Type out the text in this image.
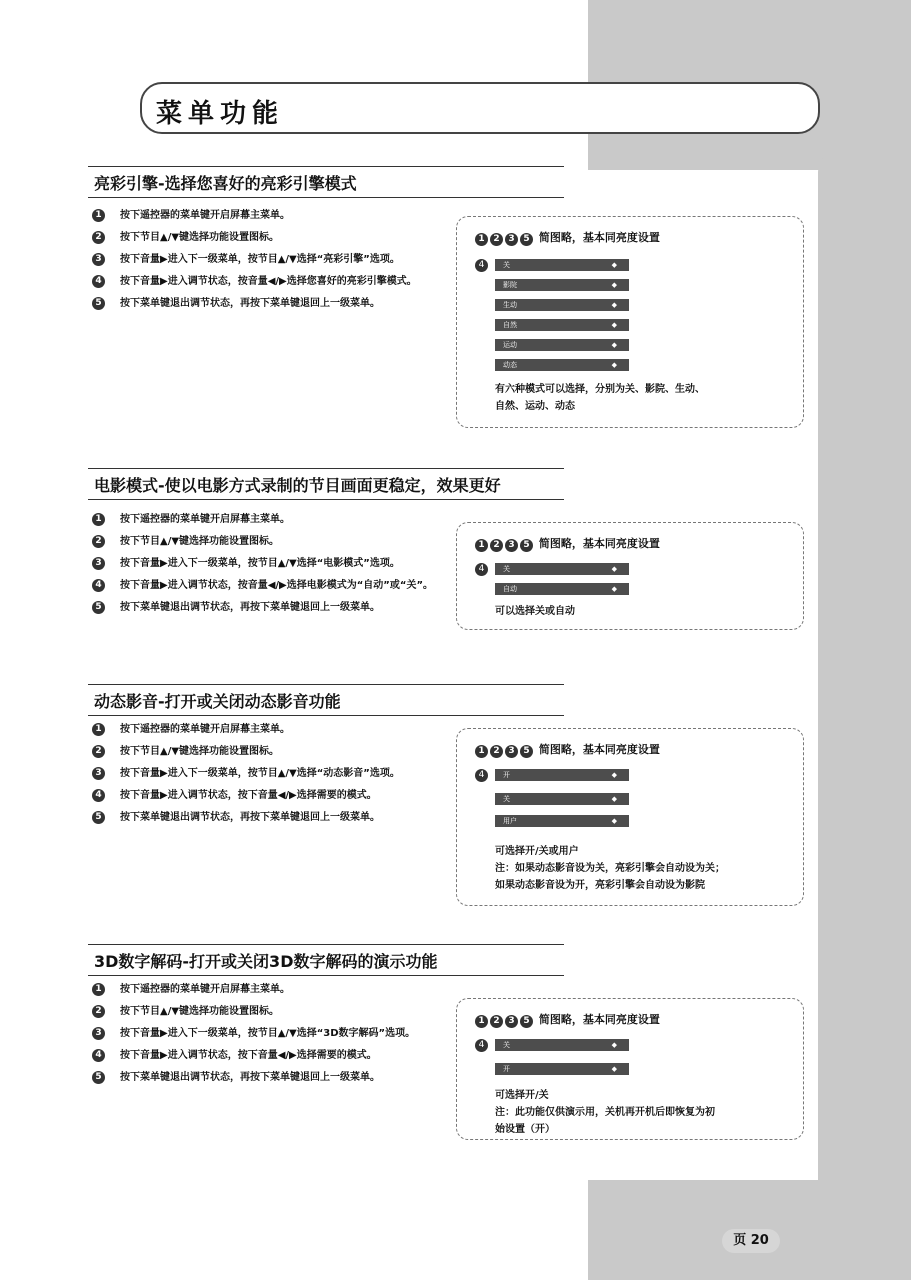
菜单功能
亮彩引擎-选择您喜好的亮彩引擎模式
1	按下遥控器的菜单键开启屏幕主菜单。
2	按下节目▲/▼键选择功能设置图标。
3	按下音量▶进入下一级菜单，按节目▲/▼选择“亮彩引擎”选项。
4	按下音量▶进入调节状态，按音量◀/▶选择您喜好的亮彩引擎模式。
5	按下菜单键退出调节状态，再按下菜单键退回上一级菜单。
1 2 3 5 简图略，基本同亮度设置
4	关	◆
影院	◆
生动	◆
自然	◆
运动	◆
动态	◆
有六种模式可以选择，分别为关、影院、生动、
自然、运动、动态
电影模式-使以电影方式录制的节目画面更稳定，效果更好
1	按下遥控器的菜单键开启屏幕主菜单。
2	按下节目▲/▼键选择功能设置图标。
3	按下音量▶进入下一级菜单，按节目▲/▼选择“电影模式”选项。
4	按下音量▶进入调节状态，按音量◀/▶选择电影模式为“自动”或“关”。
5	按下菜单键退出调节状态，再按下菜单键退回上一级菜单。
1 2 3 5 简图略，基本同亮度设置
4	关	◆
自动	◆
可以选择关或自动
动态影音-打开或关闭动态影音功能
1	按下遥控器的菜单键开启屏幕主菜单。
2	按下节目▲/▼键选择功能设置图标。
3	按下音量▶进入下一级菜单，按节目▲/▼选择“动态影音”选项。
4	按下音量▶进入调节状态，按下音量◀/▶选择需要的模式。
5	按下菜单键退出调节状态，再按下菜单键退回上一级菜单。
1 2 3 5 简图略，基本同亮度设置
4	开	◆
关	◆
用户	◆
可选择开/关或用户
注：如果动态影音设为关，亮彩引擎会自动设为关；
如果动态影音设为开，亮彩引擎会自动设为影院
3D数字解码-打开或关闭3D数字解码的演示功能
1	按下遥控器的菜单键开启屏幕主菜单。
2	按下节目▲/▼键选择功能设置图标。
3	按下音量▶进入下一级菜单，按节目▲/▼选择“3D数字解码”选项。
4	按下音量▶进入调节状态，按下音量◀/▶选择需要的模式。
5	按下菜单键退出调节状态，再按下菜单键退回上一级菜单。
1 2 3 5 简图略，基本同亮度设置
4	关	◆
开	◆
可选择开/关
注：此功能仅供演示用，关机再开机后即恢复为初
始设置（开）
页 20
